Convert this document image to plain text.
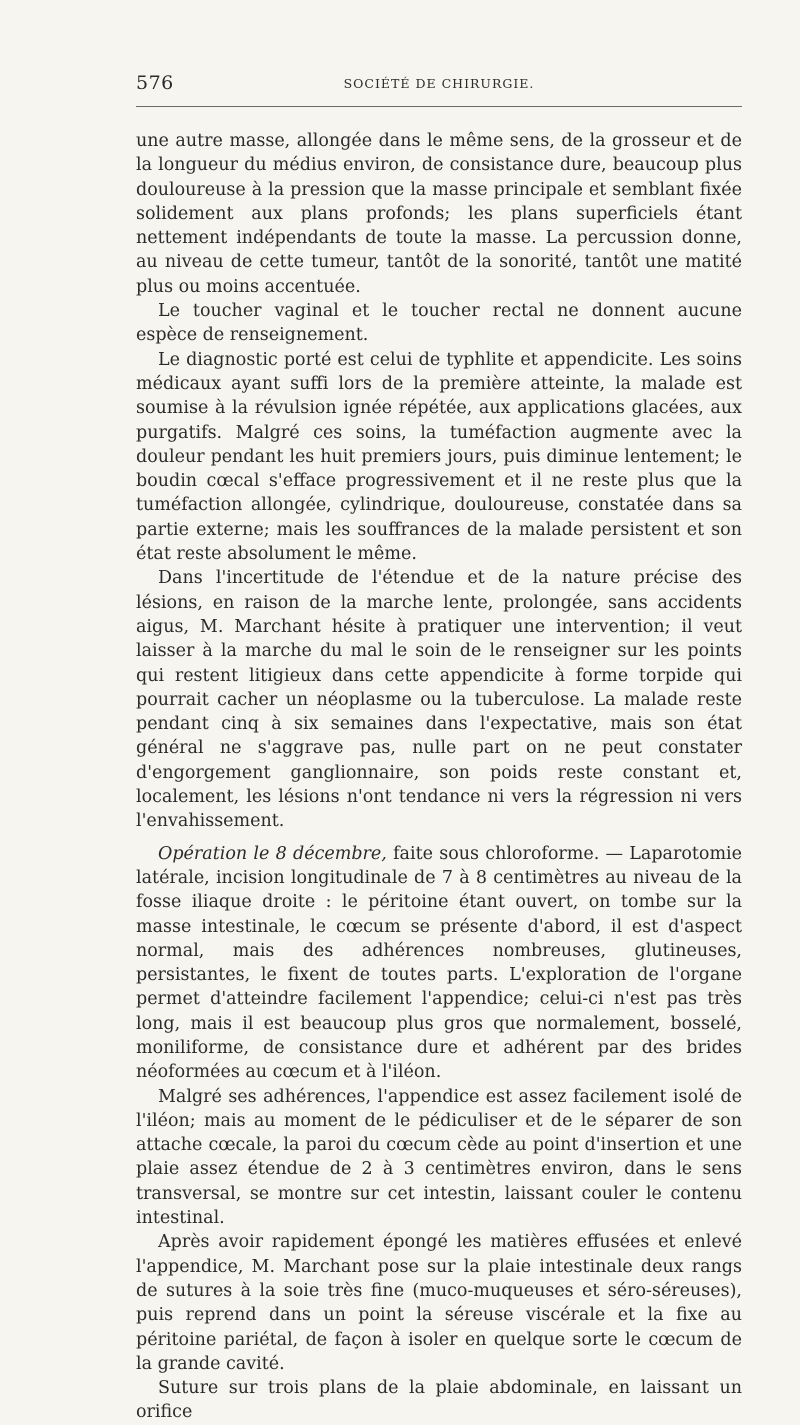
576	SOCIÉTÉ DE CHIRURGIE.

une autre masse, allongée dans le même sens, de la grosseur et de la longueur du médius environ, de consistance dure, beaucoup plus douloureuse à la pression que la masse principale et semblant fixée solidement aux plans profonds; les plans superficiels étant nettement indépendants de toute la masse. La percussion donne, au niveau de cette tumeur, tantôt de la sonorité, tantôt une matité plus ou moins accentuée.

Le toucher vaginal et le toucher rectal ne donnent aucune espèce de renseignement.

Le diagnostic porté est celui de typhlite et appendicite. Les soins médicaux ayant suffi lors de la première atteinte, la malade est soumise à la révulsion ignée répétée, aux applications glacées, aux purgatifs. Malgré ces soins, la tuméfaction augmente avec la douleur pendant les huit premiers jours, puis diminue lentement; le boudin cœcal s'efface progressivement et il ne reste plus que la tuméfaction allongée, cylindrique, douloureuse, constatée dans sa partie externe; mais les souffrances de la malade persistent et son état reste absolument le même.

Dans l'incertitude de l'étendue et de la nature précise des lésions, en raison de la marche lente, prolongée, sans accidents aigus, M. Marchant hésite à pratiquer une intervention; il veut laisser à la marche du mal le soin de le renseigner sur les points qui restent litigieux dans cette appendicite à forme torpide qui pourrait cacher un néoplasme ou la tuberculose. La malade reste pendant cinq à six semaines dans l'expectative, mais son état général ne s'aggrave pas, nulle part on ne peut constater d'engorgement ganglionnaire, son poids reste constant et, localement, les lésions n'ont tendance ni vers la régression ni vers l'envahissement.

Opération le 8 décembre, faite sous chloroforme. — Laparotomie latérale, incision longitudinale de 7 à 8 centimètres au niveau de la fosse iliaque droite : le péritoine étant ouvert, on tombe sur la masse intestinale, le cœcum se présente d'abord, il est d'aspect normal, mais des adhérences nombreuses, glutineuses, persistantes, le fixent de toutes parts. L'exploration de l'organe permet d'atteindre facilement l'appendice; celui-ci n'est pas très long, mais il est beaucoup plus gros que normalement, bosselé, moniliforme, de consistance dure et adhérent par des brides néoformées au cœcum et à l'iléon.

Malgré ses adhérences, l'appendice est assez facilement isolé de l'iléon; mais au moment de le pédiculiser et de le séparer de son attache cœcale, la paroi du cœcum cède au point d'insertion et une plaie assez étendue de 2 à 3 centimètres environ, dans le sens transversal, se montre sur cet intestin, laissant couler le contenu intestinal.

Après avoir rapidement épongé les matières effusées et enlevé l'appendice, M. Marchant pose sur la plaie intestinale deux rangs de sutures à la soie très fine (muco-muqueuses et séro-séreuses), puis reprend dans un point la séreuse viscérale et la fixe au péritoine pariétal, de façon à isoler en quelque sorte le cœcum de la grande cavité.

Suture sur trois plans de la plaie abdominale, en laissant un orifice
